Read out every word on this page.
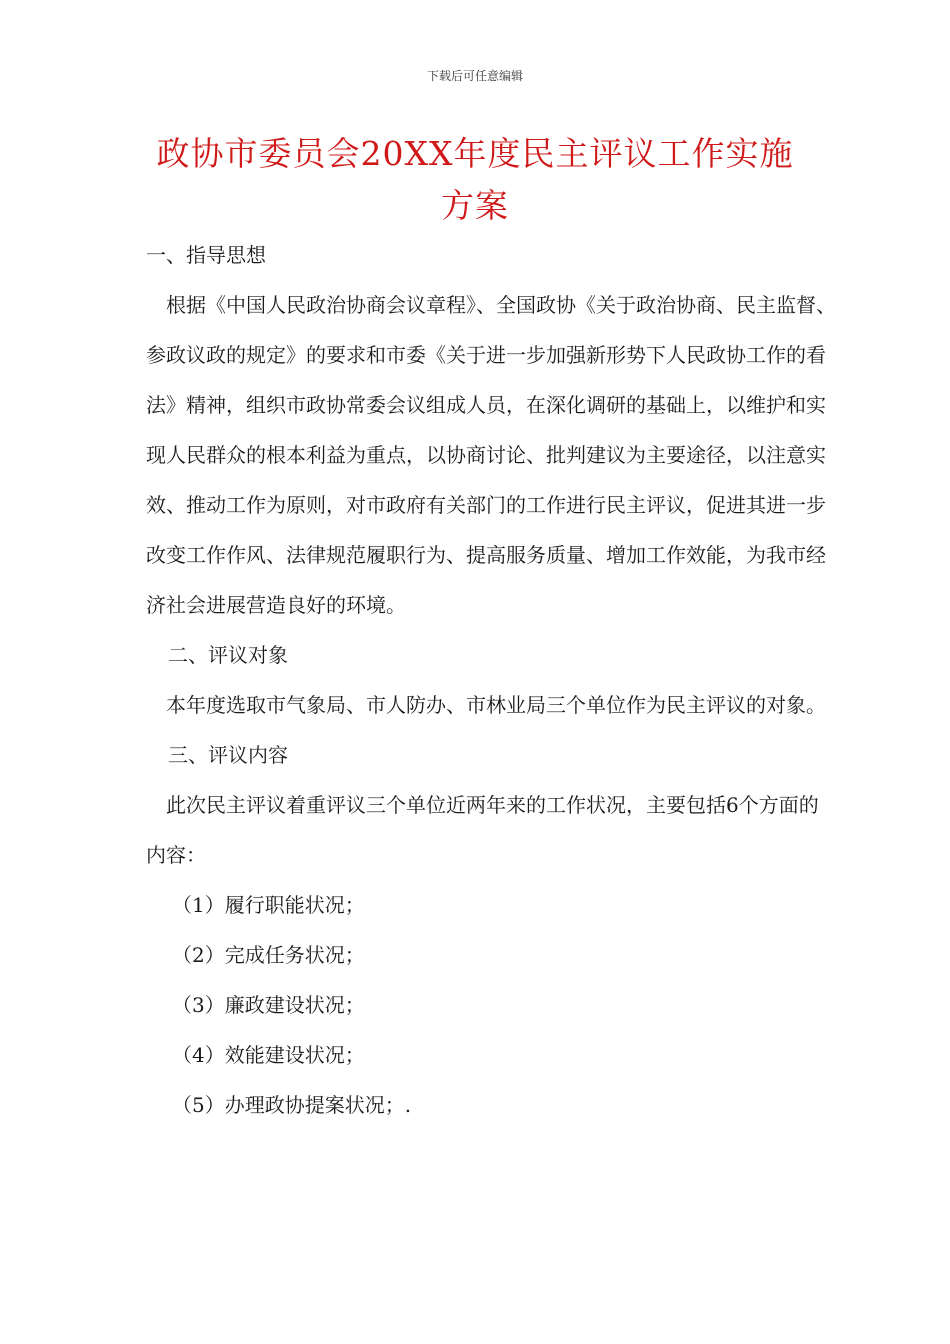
下载后可任意编辑
政协市委员会20XX年度民主评议工作实施方案

一、指导思想

根据《中国人民政治协商会议章程》、全国政协《关于政治协商、民主监督、参政议政的规定》的要求和市委《关于进一步加强新形势下人民政协工作的看法》精神，组织市政协常委会议组成人员，在深化调研的基础上，以维护和实现人民群众的根本利益为重点，以协商讨论、批判建议为主要途径，以注意实效、推动工作为原则，对市政府有关部门的工作进行民主评议，促进其进一步改变工作作风、法律规范履职行为、提高服务质量、增加工作效能，为我市经济社会进展营造良好的环境。

二、评议对象

本年度选取市气象局、市人防办、市林业局三个单位作为民主评议的对象。

三、评议内容

此次民主评议着重评议三个单位近两年来的工作状况，主要包括6个方面的内容：

（1）履行职能状况；

（2）完成任务状况；

（3）廉政建设状况；

（4）效能建设状况；

（5）办理政协提案状况；.
